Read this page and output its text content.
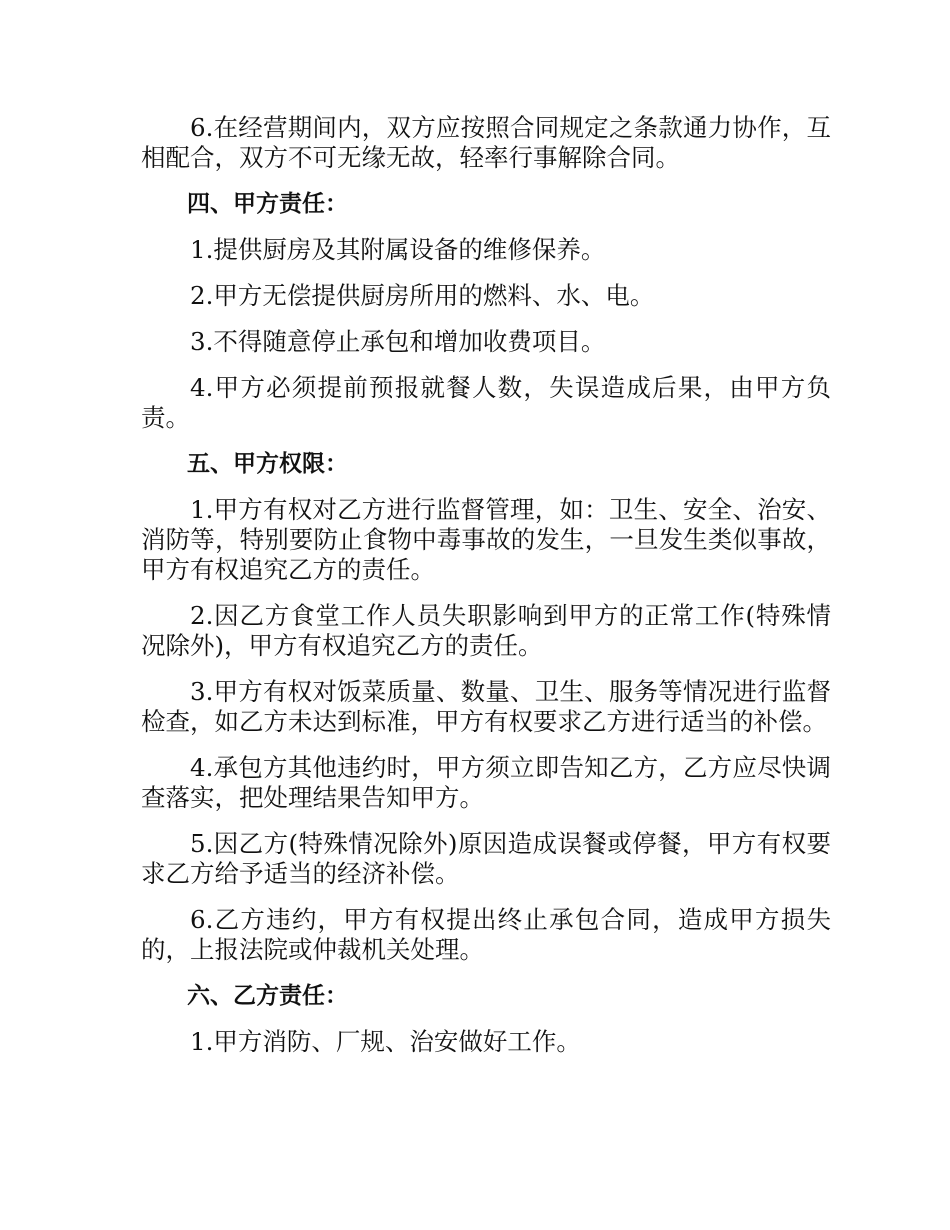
6.在经营期间内，双方应按照合同规定之条款通力协作，互相配合，双方不可无缘无故，轻率行事解除合同。

四、甲方责任：

1.提供厨房及其附属设备的维修保养。

2.甲方无偿提供厨房所用的燃料、水、电。

3.不得随意停止承包和增加收费项目。

4.甲方必须提前预报就餐人数，失误造成后果，由甲方负责。

五、甲方权限：

1.甲方有权对乙方进行监督管理，如：卫生、安全、治安、消防等，特别要防止食物中毒事故的发生，一旦发生类似事故，甲方有权追究乙方的责任。

2.因乙方食堂工作人员失职影响到甲方的正常工作(特殊情况除外)，甲方有权追究乙方的责任。

3.甲方有权对饭菜质量、数量、卫生、服务等情况进行监督检查，如乙方未达到标准，甲方有权要求乙方进行适当的补偿。

4.承包方其他违约时，甲方须立即告知乙方，乙方应尽快调查落实，把处理结果告知甲方。

5.因乙方(特殊情况除外)原因造成误餐或停餐，甲方有权要求乙方给予适当的经济补偿。

6.乙方违约，甲方有权提出终止承包合同，造成甲方损失的，上报法院或仲裁机关处理。

六、乙方责任：

1.甲方消防、厂规、治安做好工作。
